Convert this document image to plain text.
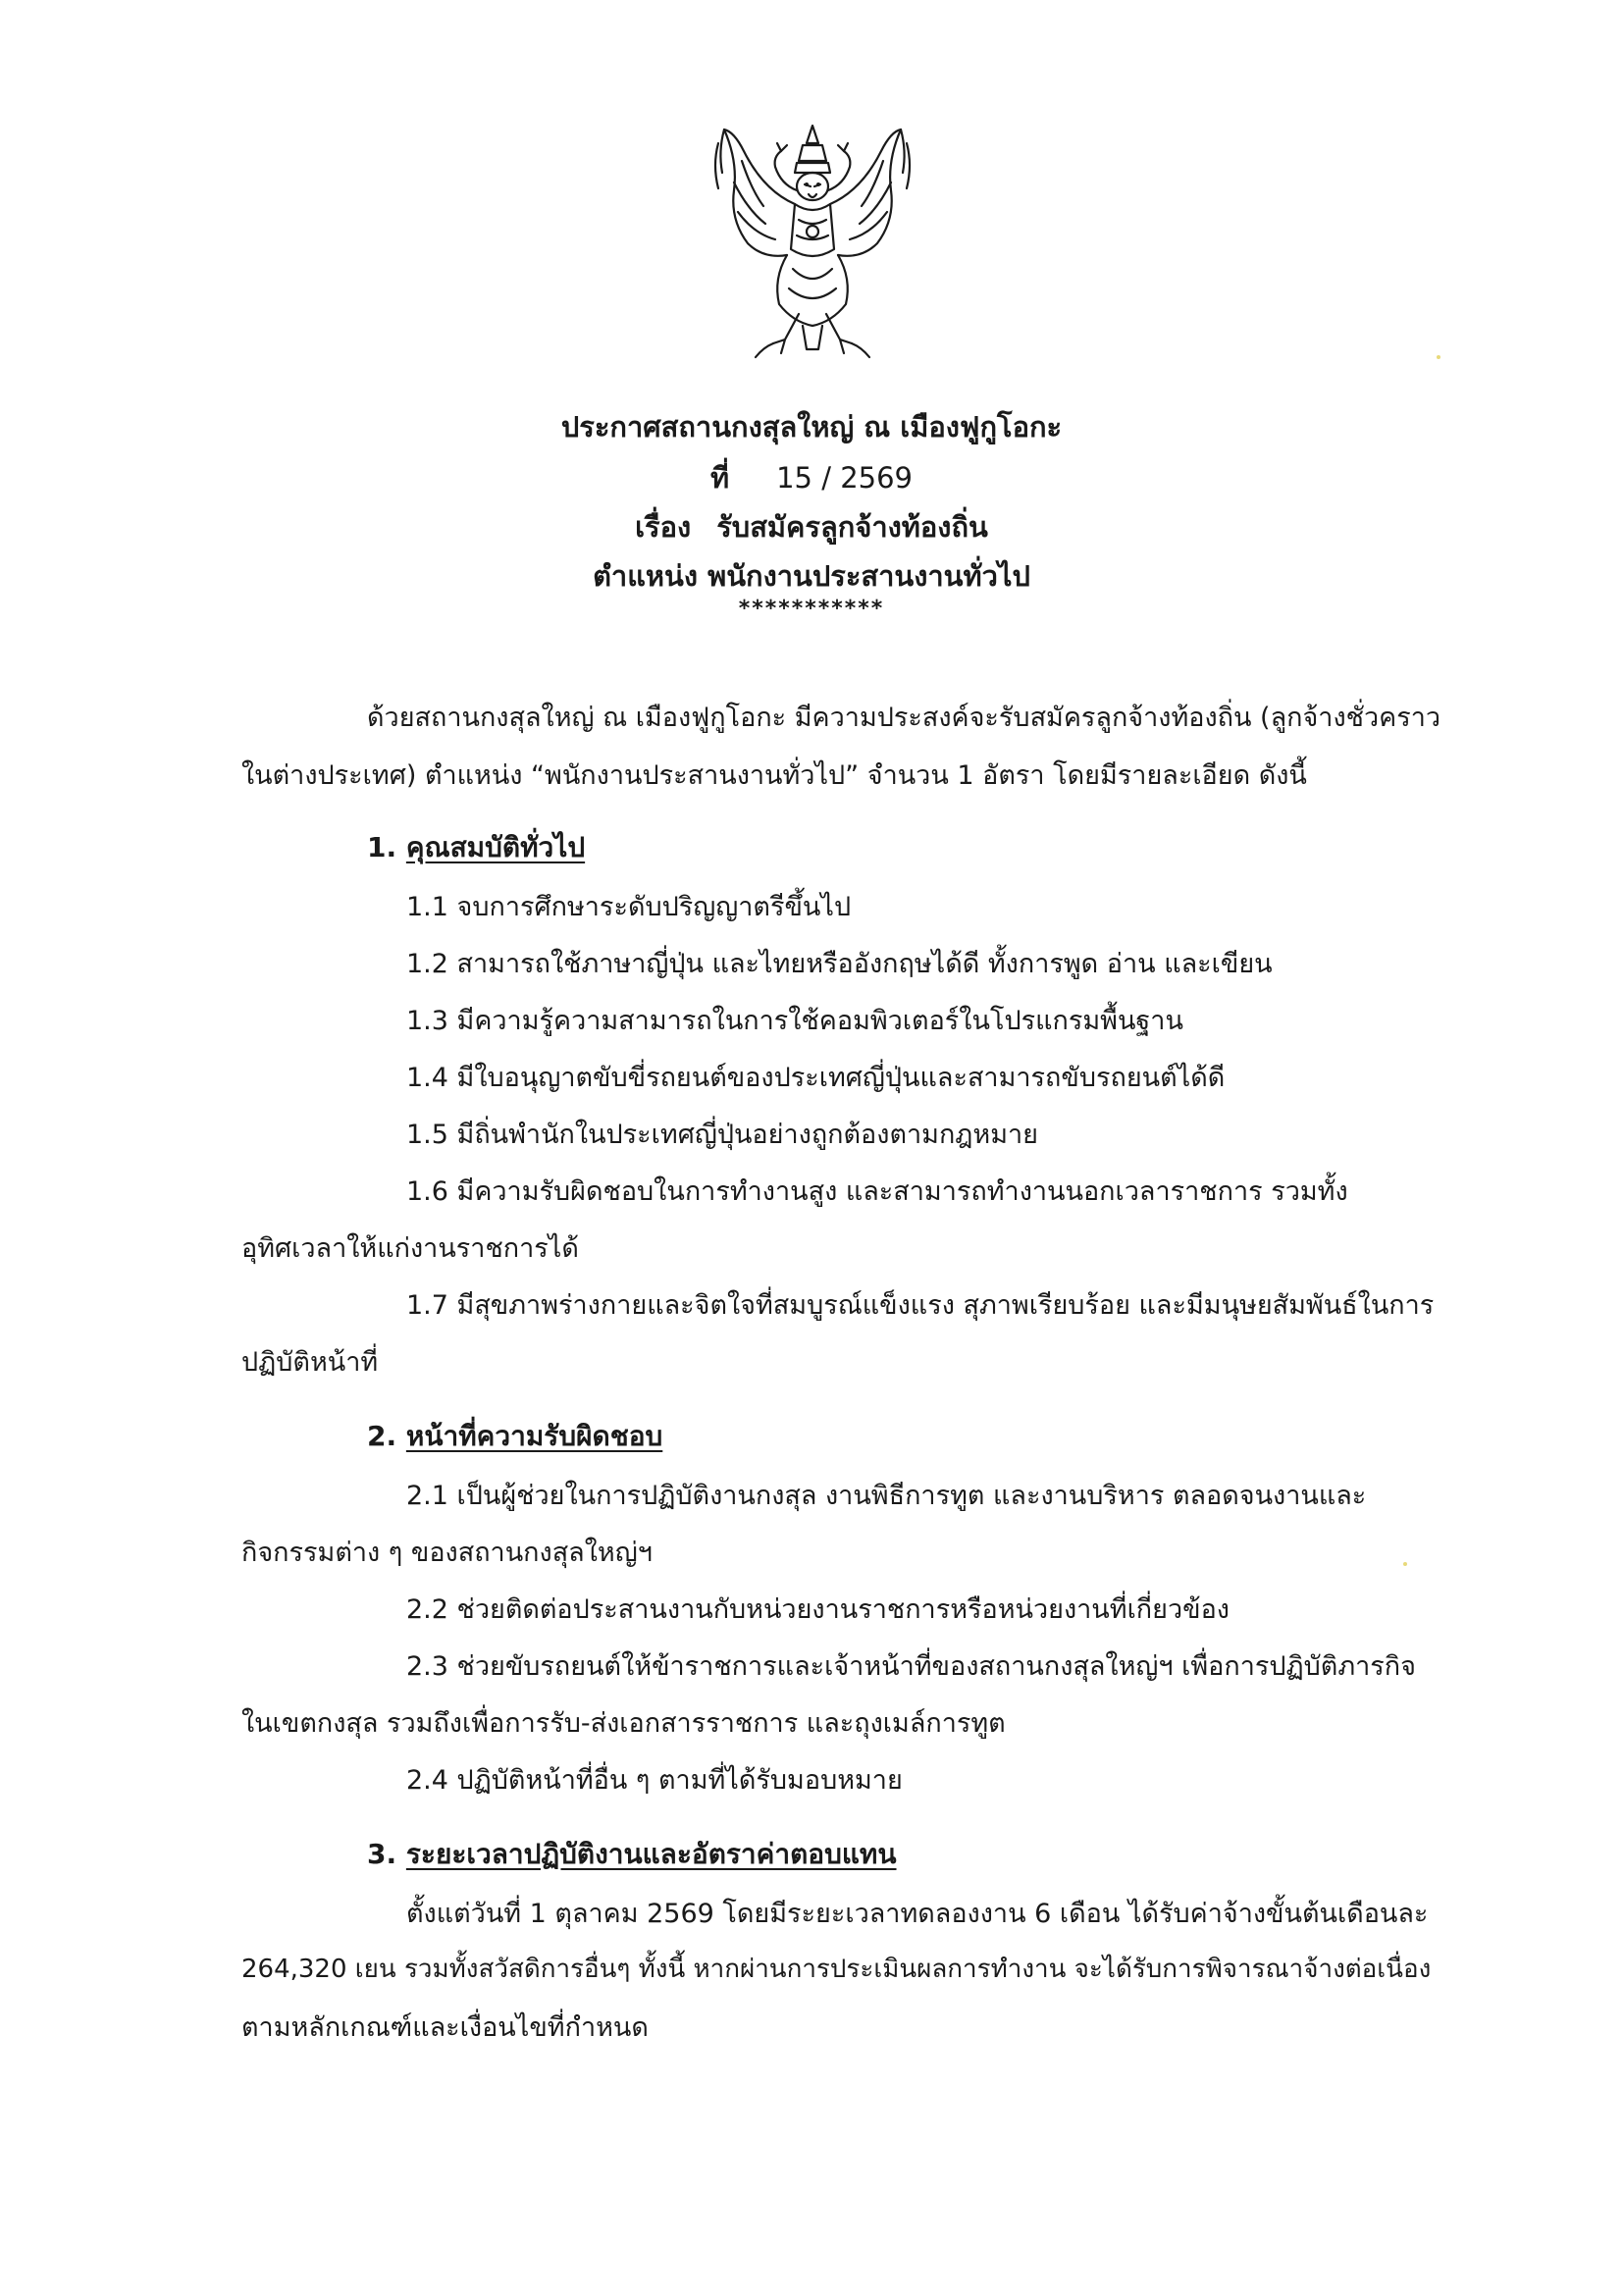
ประกาศสถานกงสุลใหญ่ ณ เมืองฟูกูโอกะ
ที่ 15 / 2569
เรื่อง รับสมัครลูกจ้างท้องถิ่น
ตำแหน่ง พนักงานประสานงานทั่วไป
***********
ด้วยสถานกงสุลใหญ่ ณ เมืองฟูกูโอกะ มีความประสงค์จะรับสมัครลูกจ้างท้องถิ่น (ลูกจ้างชั่วคราว
ในต่างประเทศ) ตำแหน่ง “พนักงานประสานงานทั่วไป” จำนวน 1 อัตรา โดยมีรายละเอียด ดังนี้
1. คุณสมบัติทั่วไป
1.1 จบการศึกษาระดับปริญญาตรีขึ้นไป
1.2 สามารถใช้ภาษาญี่ปุ่น และไทยหรืออังกฤษได้ดี ทั้งการพูด อ่าน และเขียน
1.3 มีความรู้ความสามารถในการใช้คอมพิวเตอร์ในโปรแกรมพื้นฐาน
1.4 มีใบอนุญาตขับขี่รถยนต์ของประเทศญี่ปุ่นและสามารถขับรถยนต์ได้ดี
1.5 มีถิ่นพำนักในประเทศญี่ปุ่นอย่างถูกต้องตามกฎหมาย
1.6 มีความรับผิดชอบในการทำงานสูง และสามารถทำงานนอกเวลาราชการ รวมทั้ง
อุทิศเวลาให้แก่งานราชการได้
1.7 มีสุขภาพร่างกายและจิตใจที่สมบูรณ์แข็งแรง สุภาพเรียบร้อย และมีมนุษยสัมพันธ์ในการ
ปฏิบัติหน้าที่
2. หน้าที่ความรับผิดชอบ
2.1 เป็นผู้ช่วยในการปฏิบัติงานกงสุล งานพิธีการทูต และงานบริหาร ตลอดจนงานและ
กิจกรรมต่าง ๆ ของสถานกงสุลใหญ่ฯ
2.2 ช่วยติดต่อประสานงานกับหน่วยงานราชการหรือหน่วยงานที่เกี่ยวข้อง
2.3 ช่วยขับรถยนต์ให้ข้าราชการและเจ้าหน้าที่ของสถานกงสุลใหญ่ฯ เพื่อการปฏิบัติภารกิจ
ในเขตกงสุล รวมถึงเพื่อการรับ-ส่งเอกสารราชการ และถุงเมล์การทูต
2.4 ปฏิบัติหน้าที่อื่น ๆ ตามที่ได้รับมอบหมาย
3. ระยะเวลาปฏิบัติงานและอัตราค่าตอบแทน
ตั้งแต่วันที่ 1 ตุลาคม 2569 โดยมีระยะเวลาทดลองงาน 6 เดือน ได้รับค่าจ้างขั้นต้นเดือนละ
264,320 เยน รวมทั้งสวัสดิการอื่นๆ ทั้งนี้ หากผ่านการประเมินผลการทำงาน จะได้รับการพิจารณาจ้างต่อเนื่อง
ตามหลักเกณฑ์และเงื่อนไขที่กำหนด
